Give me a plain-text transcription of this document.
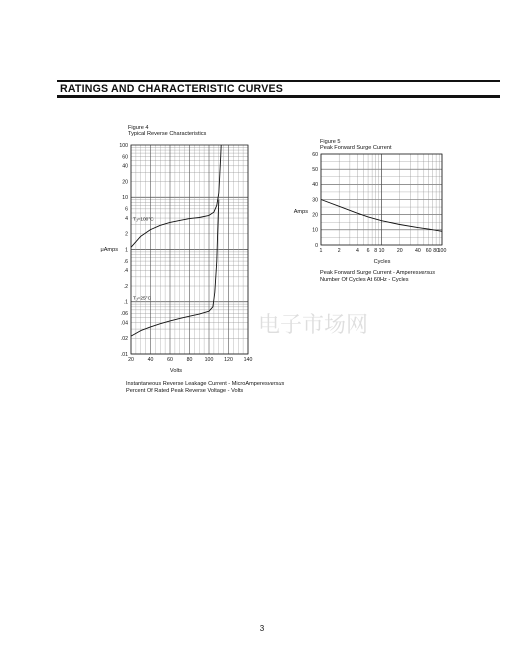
RATINGS AND CHARACTERISTIC CURVES
Figure 4
Typical Reverse Characteristics
100
60
40
20
10
6
4
2
1
.6
.4
.2
.1
.06
.04
.02
.01
20	40	60	80 100 120 140
$T_J=100^\circ C$
$T_J=25^\circ C$
μAmps
Volts
Instantaneous Reverse Leakage Current - MicroAmperesversus
Percent Of Rated Peak Reverse Voltage - Volts
Figure 5
Peak Forward Surge Current
0
10
20
30
40
50
60
1	2	4 6 8 10 20 40 60 80
100
Amps
Cycles
Peak Forward Surge Current - Amperesversus
Number Of Cycles At 60Hz - Cycles
电子市场网
3
